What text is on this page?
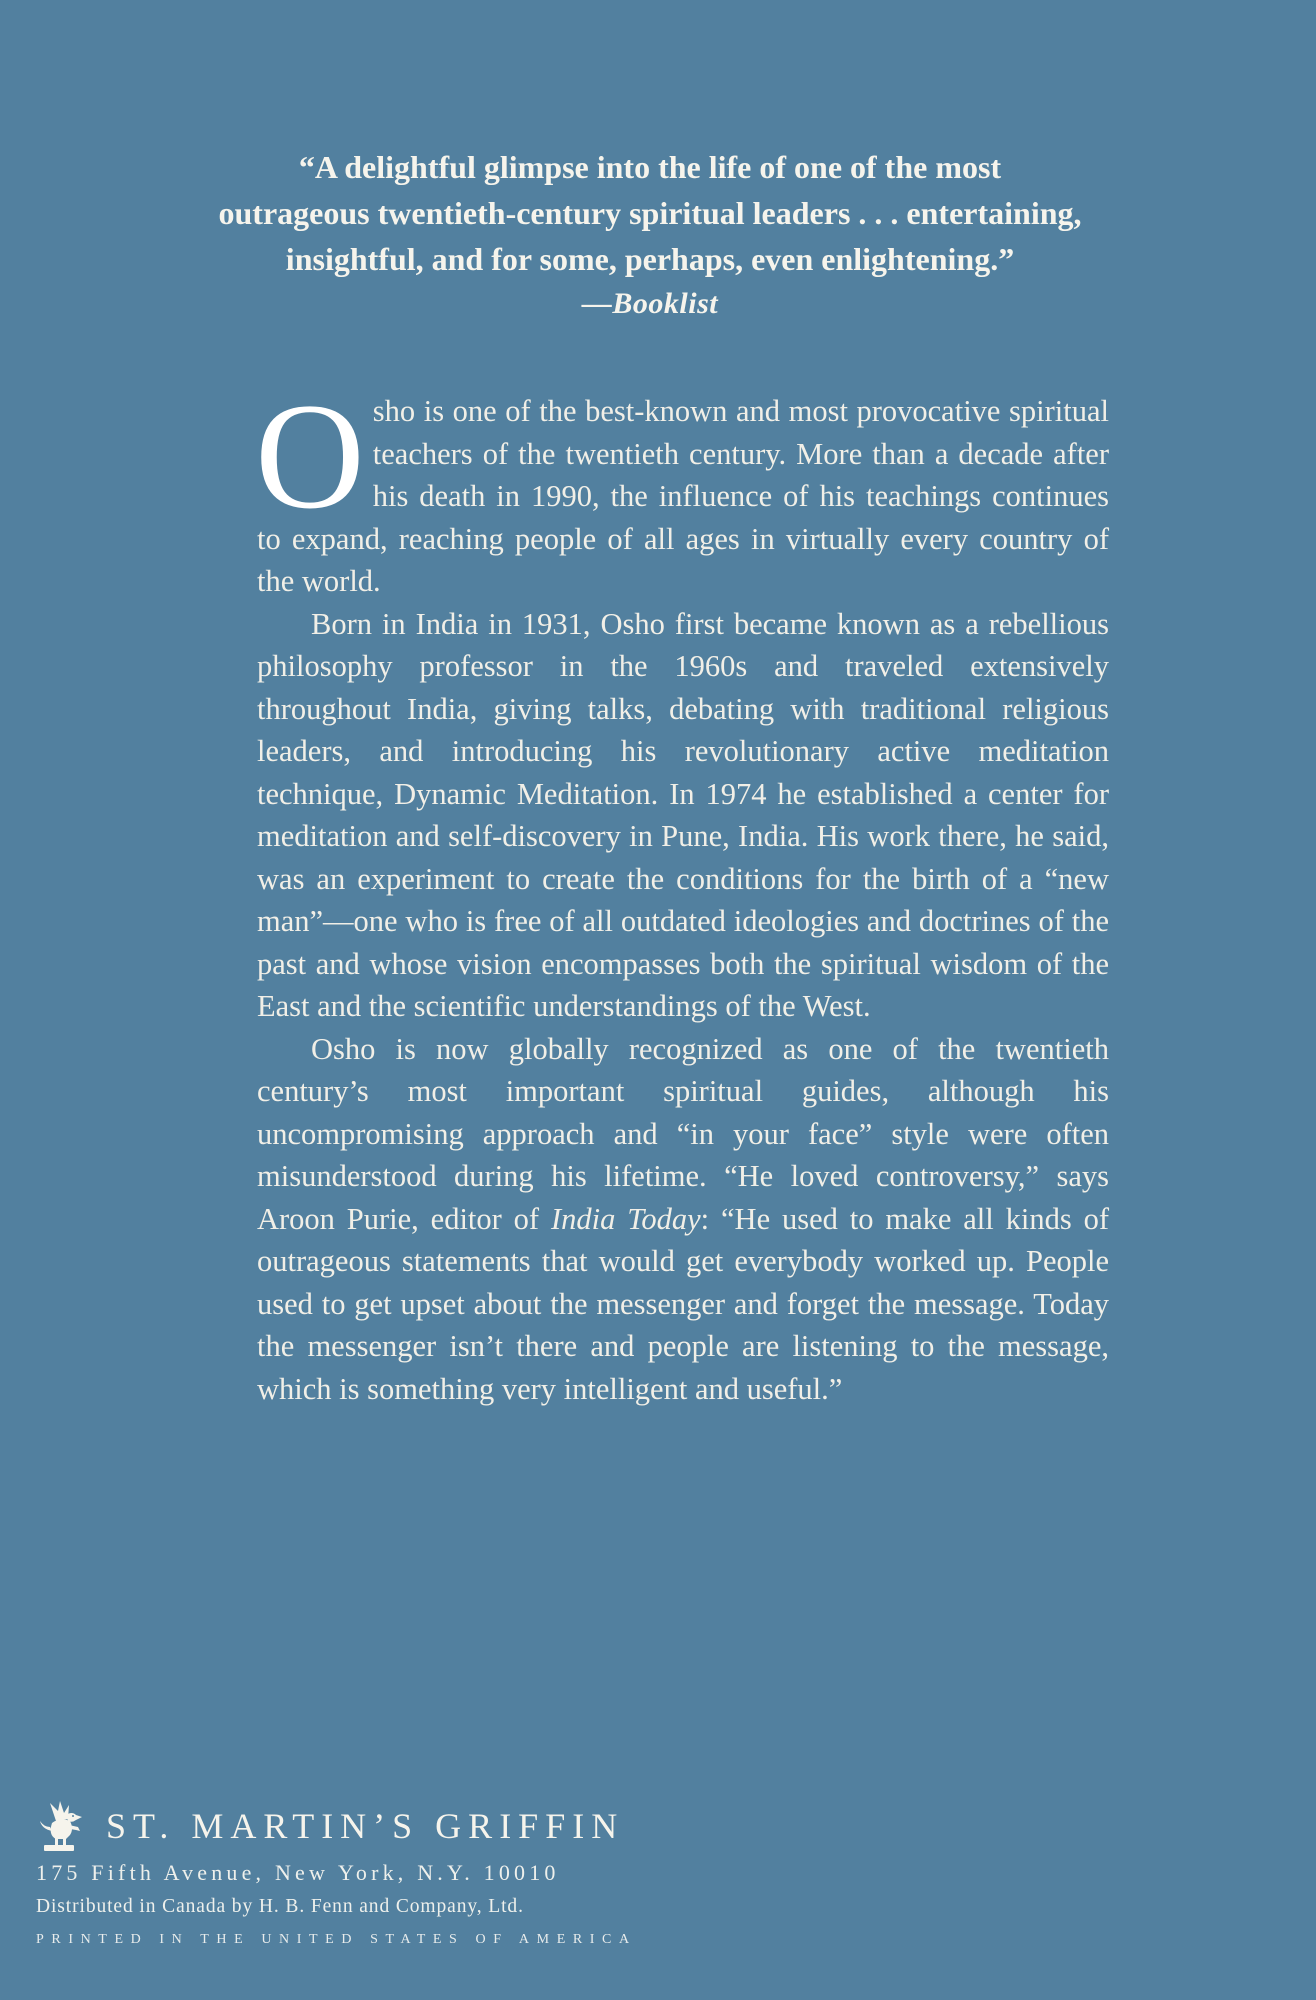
“A delightful glimpse into the life of one of the most
outrageous twentieth-century spiritual leaders . . . entertaining,
insightful, and for some, perhaps, even enlightening.”
—Booklist

Osho is one of the best-known and most provocative spiritual teachers of the twentieth century. More than a decade after his death in 1990, the influence of his teachings continues to expand, reaching people of all ages in virtually every country of the world.

Born in India in 1931, Osho first became known as a rebellious philosophy professor in the 1960s and traveled extensively throughout India, giving talks, debating with traditional religious leaders, and introducing his revolutionary active meditation technique, Dynamic Meditation. In 1974 he established a center for meditation and self-discovery in Pune, India. His work there, he said, was an experiment to create the conditions for the birth of a “new man”—one who is free of all outdated ideologies and doctrines of the past and whose vision encompasses both the spiritual wisdom of the East and the scientific understandings of the West.

Osho is now globally recognized as one of the twentieth century’s most important spiritual guides, although his uncompromising approach and “in your face” style were often misunderstood during his lifetime. “He loved controversy,” says Aroon Purie, editor of India Today: “He used to make all kinds of outrageous statements that would get everybody worked up. People used to get upset about the messenger and forget the message. Today the messenger isn’t there and people are listening to the message, which is something very intelligent and useful.”

ST. MARTIN’S GRIFFIN
175 Fifth Avenue, New York, N.Y. 10010
Distributed in Canada by H. B. Fenn and Company, Ltd.
PRINTED IN THE UNITED STATES OF AMERICA
